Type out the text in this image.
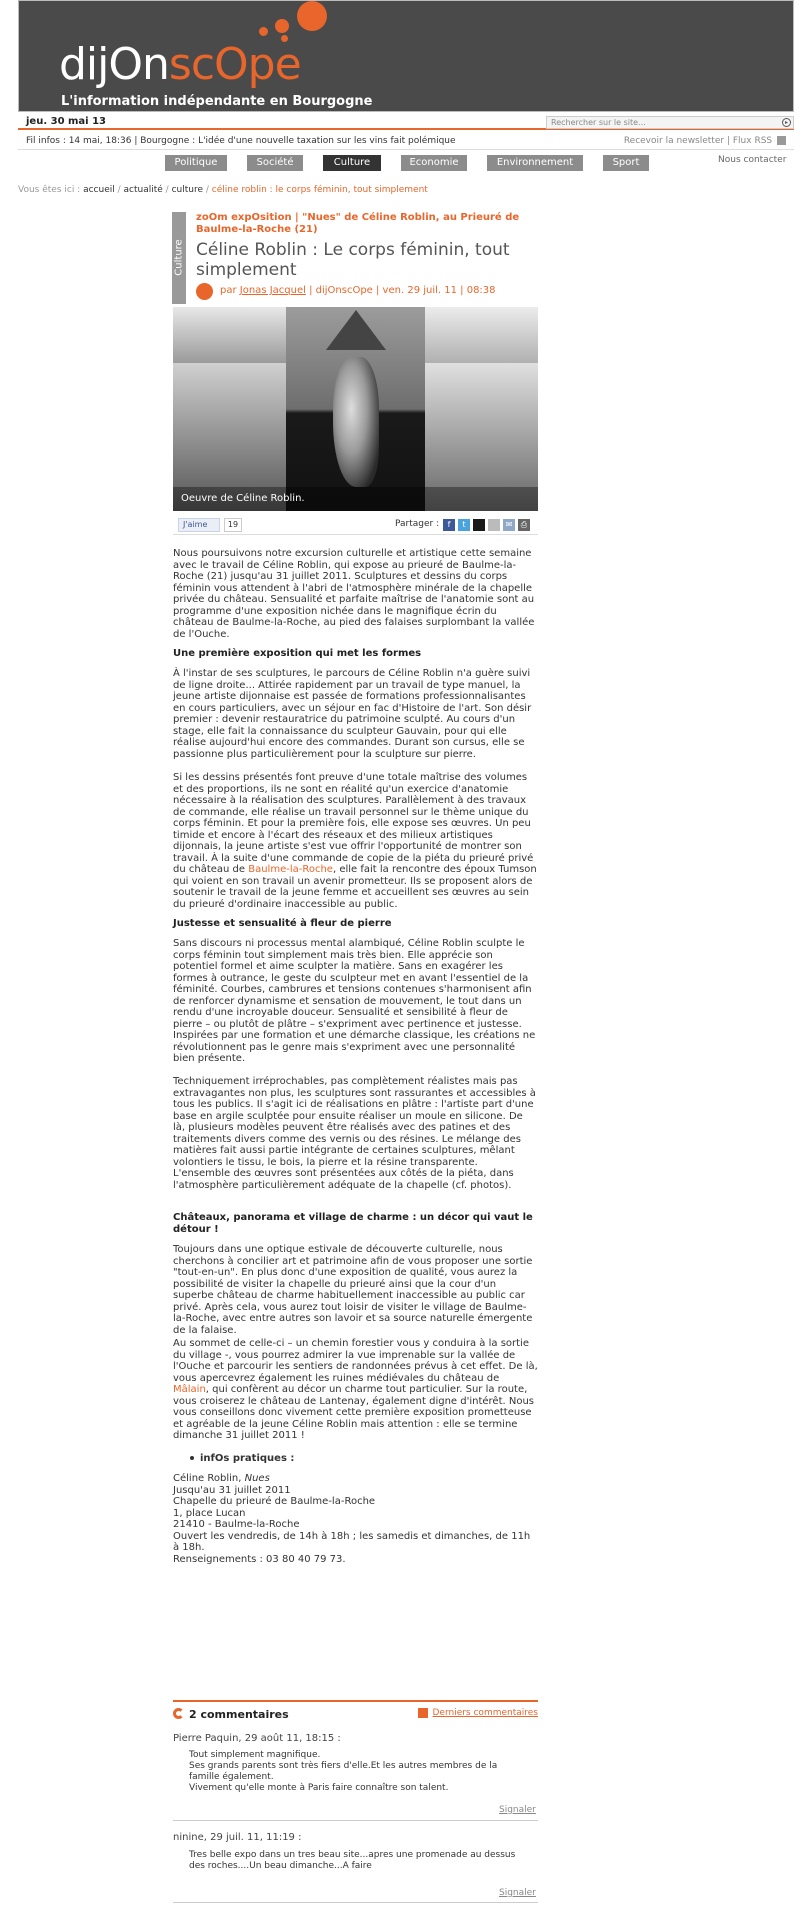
dijOnscOpe
L'information indépendante en Bourgogne
jeu. 30 mai 13	Rechercher sur le site...	▸
Fil infos : 14 mai, 18:36 | Bourgogne : L'idée d'une nouvelle taxation sur les vins fait polémique	Recevoir la newsletter | Flux RSS
Politique	Société	Culture	Economie	Environnement	Sport	Nous contacter
Vous êtes ici : accueil / actualité / culture / céline roblin : le corps féminin, tout simplement
Culture
zoOm expOsition | "Nues" de Céline Roblin, au Prieuré de Baulme-la-Roche (21)
Céline Roblin : Le corps féminin, tout simplement
par Jonas Jacquel | dijOnscOpe | ven. 29 juil. 11 | 08:38
Oeuvre de Céline Roblin.
J'aime	19	Partager :	f	t	✉	⎙
Nous poursuivons notre excursion culturelle et artistique cette semaine avec le travail de Céline Roblin, qui expose au prieuré de Baulme-la-Roche (21) jusqu'au 31 juillet 2011. Sculptures et dessins du corps féminin vous attendent à l'abri de l'atmosphère minérale de la chapelle privée du château. Sensualité et parfaite maîtrise de l'anatomie sont au programme d'une exposition nichée dans le magnifique écrin du château de Baulme-la-Roche, au pied des falaises surplombant la vallée de l'Ouche.
Une première exposition qui met les formes
À l'instar de ses sculptures, le parcours de Céline Roblin n'a guère suivi de ligne droite... Attirée rapidement par un travail de type manuel, la jeune artiste dijonnaise est passée de formations professionnalisantes en cours particuliers, avec un séjour en fac d'Histoire de l'art. Son désir premier : devenir restauratrice du patrimoine sculpté. Au cours d'un stage, elle fait la connaissance du sculpteur Gauvain, pour qui elle réalise aujourd'hui encore des commandes. Durant son cursus, elle se passionne plus particulièrement pour la sculpture sur pierre.
Si les dessins présentés font preuve d'une totale maîtrise des volumes et des proportions, ils ne sont en réalité qu'un exercice d'anatomie nécessaire à la réalisation des sculptures. Parallèlement à des travaux de commande, elle réalise un travail personnel sur le thème unique du corps féminin. Et pour la première fois, elle expose ses œuvres. Un peu timide et encore à l'écart des réseaux et des milieux artistiques dijonnais, la jeune artiste s'est vue offrir l'opportunité de montrer son travail. À la suite d'une commande de copie de la piéta du prieuré privé du château de Baulme-la-Roche, elle fait la rencontre des époux Tumson qui voient en son travail un avenir prometteur. Ils se proposent alors de soutenir le travail de la jeune femme et accueillent ses œuvres au sein du prieuré d'ordinaire inaccessible au public.
Justesse et sensualité à fleur de pierre
Sans discours ni processus mental alambiqué, Céline Roblin sculpte le corps féminin tout simplement mais très bien. Elle apprécie son potentiel formel et aime sculpter la matière. Sans en exagérer les formes à outrance, le geste du sculpteur met en avant l'essentiel de la féminité. Courbes, cambrures et tensions contenues s'harmonisent afin de renforcer dynamisme et sensation de mouvement, le tout dans un rendu d'une incroyable douceur. Sensualité et sensibilité à fleur de pierre – ou plutôt de plâtre – s'expriment avec pertinence et justesse. Inspirées par une formation et une démarche classique, les créations ne révolutionnent pas le genre mais s'expriment avec une personnalité bien présente.
Techniquement irréprochables, pas complètement réalistes mais pas extravagantes non plus, les sculptures sont rassurantes et accessibles à tous les publics. Il s'agit ici de réalisations en plâtre : l'artiste part d'une base en argile sculptée pour ensuite réaliser un moule en silicone. De là, plusieurs modèles peuvent être réalisés avec des patines et des traitements divers comme des vernis ou des résines. Le mélange des matières fait aussi partie intégrante de certaines sculptures, mêlant volontiers le tissu, le bois, la pierre et la résine transparente. L'ensemble des œuvres sont présentées aux côtés de la piéta, dans l'atmosphère particulièrement adéquate de la chapelle (cf. photos).
Châteaux, panorama et village de charme : un décor qui vaut le détour !
Toujours dans une optique estivale de découverte culturelle, nous cherchons à concilier art et patrimoine afin de vous proposer une sortie "tout-en-un". En plus donc d'une exposition de qualité, vous aurez la possibilité de visiter la chapelle du prieuré ainsi que la cour d'un superbe château de charme habituellement inaccessible au public car privé. Après cela, vous aurez tout loisir de visiter le village de Baulme-la-Roche, avec entre autres son lavoir et sa source naturelle émergente de la falaise.
Au sommet de celle-ci – un chemin forestier vous y conduira à la sortie du village -, vous pourrez admirer la vue imprenable sur la vallée de l'Ouche et parcourir les sentiers de randonnées prévus à cet effet. De là, vous apercevrez également les ruines médiévales du château de Mâlain, qui confèrent au décor un charme tout particulier. Sur la route, vous croiserez le château de Lantenay, également digne d'intérêt. Nous vous conseillons donc vivement cette première exposition prometteuse et agréable de la jeune Céline Roblin mais attention : elle se termine dimanche 31 juillet 2011 !
infOs pratiques :
Céline Roblin, Nues
Jusqu'au 31 juillet 2011
Chapelle du prieuré de Baulme-la-Roche
1, place Lucan
21410 - Baulme-la-Roche
Ouvert les vendredis, de 14h à 18h ; les samedis et dimanches, de 11h à 18h.
Renseignements : 03 80 40 79 73.
2 commentaires	Derniers commentaires
Pierre Paquin, 29 août 11, 18:15 :
Tout simplement magnifique.
Ses grands parents sont très fiers d'elle.Et les autres membres de la famille également.
Vivement qu'elle monte à Paris faire connaître son talent.
Signaler
ninine, 29 juil. 11, 11:19 :
Tres belle expo dans un tres beau site...apres une promenade au dessus des roches....Un beau dimanche...A faire
Signaler
